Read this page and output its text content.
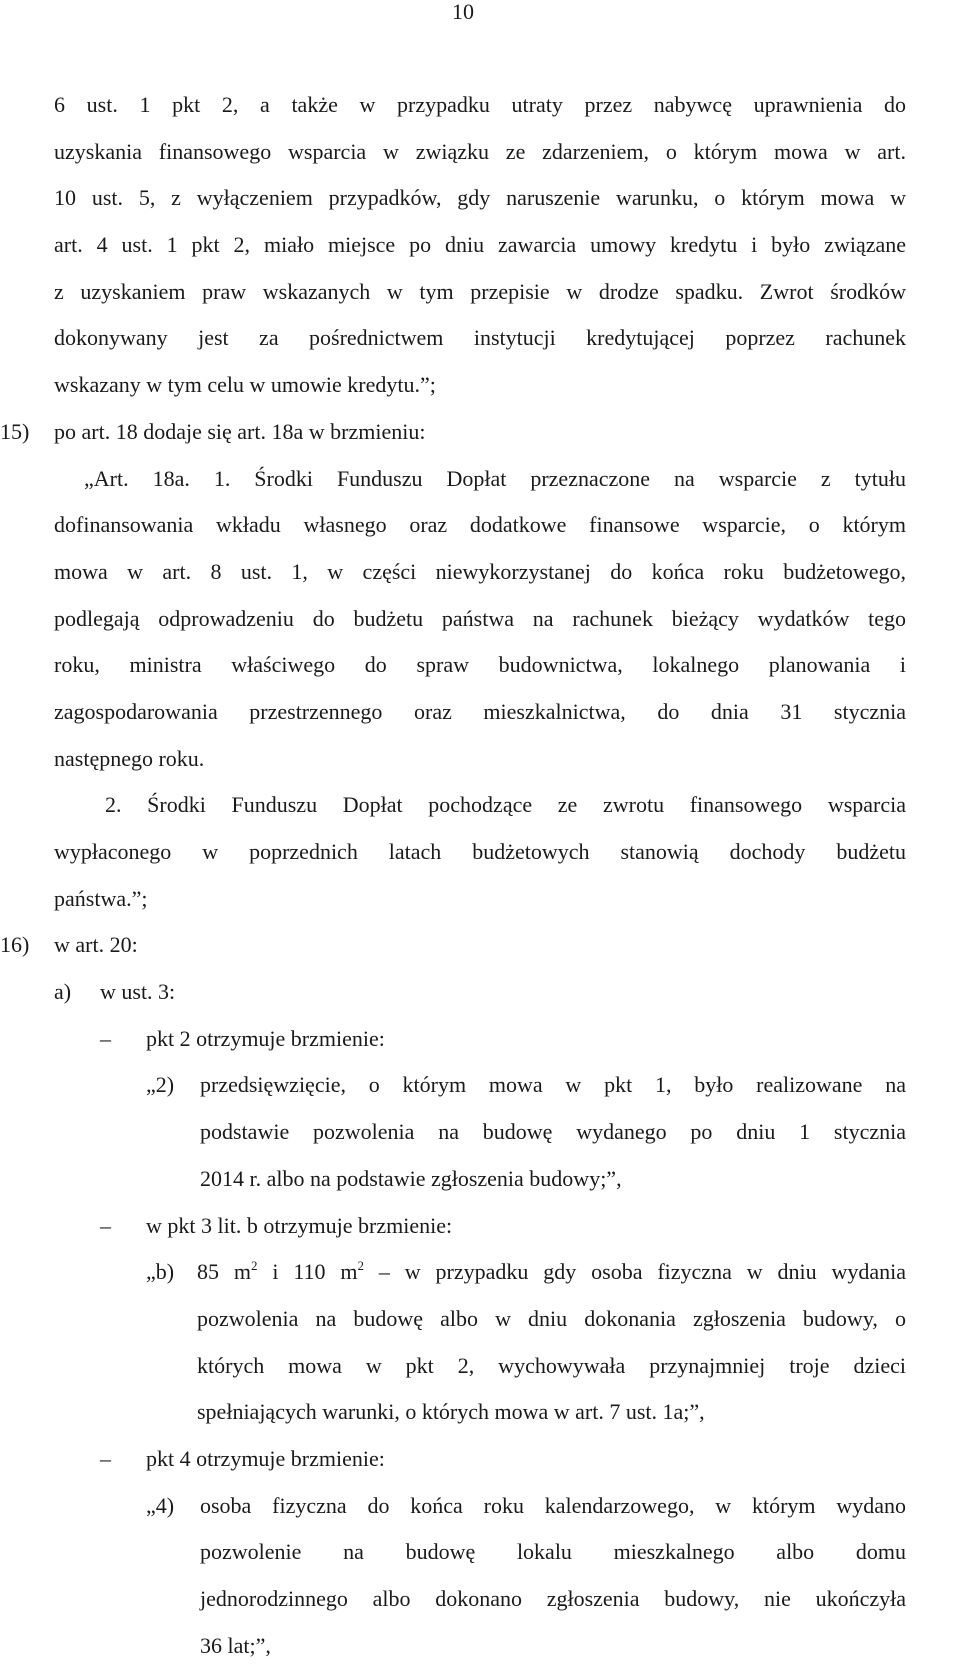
10
6 ust. 1 pkt 2, a także w przypadku utraty przez nabywcę uprawnienia do
uzyskania finansowego wsparcia w związku ze zdarzeniem, o którym mowa w art.
10 ust. 5, z wyłączeniem przypadków, gdy naruszenie warunku, o którym mowa w
art. 4 ust. 1 pkt 2, miało miejsce po dniu zawarcia umowy kredytu i było związane
z uzyskaniem praw wskazanych w tym przepisie w drodze spadku. Zwrot środków
dokonywany jest za pośrednictwem instytucji kredytującej poprzez rachunek
wskazany w tym celu w umowie kredytu.”;
15) po art. 18 dodaje się art. 18a w brzmieniu:
„Art. 18a. 1. Środki Funduszu Dopłat przeznaczone na wsparcie z tytułu
dofinansowania wkładu własnego oraz dodatkowe finansowe wsparcie, o którym
mowa w art. 8 ust. 1, w części niewykorzystanej do końca roku budżetowego,
podlegają odprowadzeniu do budżetu państwa na rachunek bieżący wydatków tego
roku, ministra właściwego do spraw budownictwa, lokalnego planowania i
zagospodarowania przestrzennego oraz mieszkalnictwa, do dnia 31 stycznia
następnego roku.
2. Środki Funduszu Dopłat pochodzące ze zwrotu finansowego wsparcia
wypłaconego w poprzednich latach budżetowych stanowią dochody budżetu
państwa.”;
16) w art. 20:
a) w ust. 3:
– pkt 2 otrzymuje brzmienie:
„2) przedsięwzięcie, o którym mowa w pkt 1, było realizowane na
podstawie pozwolenia na budowę wydanego po dniu 1 stycznia
2014 r. albo na podstawie zgłoszenia budowy;”,
– w pkt 3 lit. b otrzymuje brzmienie:
„b) 85 $m^2$ i 110 $m^2$ – w przypadku gdy osoba fizyczna w dniu wydania
pozwolenia na budowę albo w dniu dokonania zgłoszenia budowy, o
których mowa w pkt 2, wychowywała przynajmniej troje dzieci
spełniających warunki, o których mowa w art. 7 ust. 1a;”,
– pkt 4 otrzymuje brzmienie:
„4) osoba fizyczna do końca roku kalendarzowego, w którym wydano
pozwolenie na budowę lokalu mieszkalnego albo domu
jednorodzinnego albo dokonano zgłoszenia budowy, nie ukończyła
36 lat;”,
